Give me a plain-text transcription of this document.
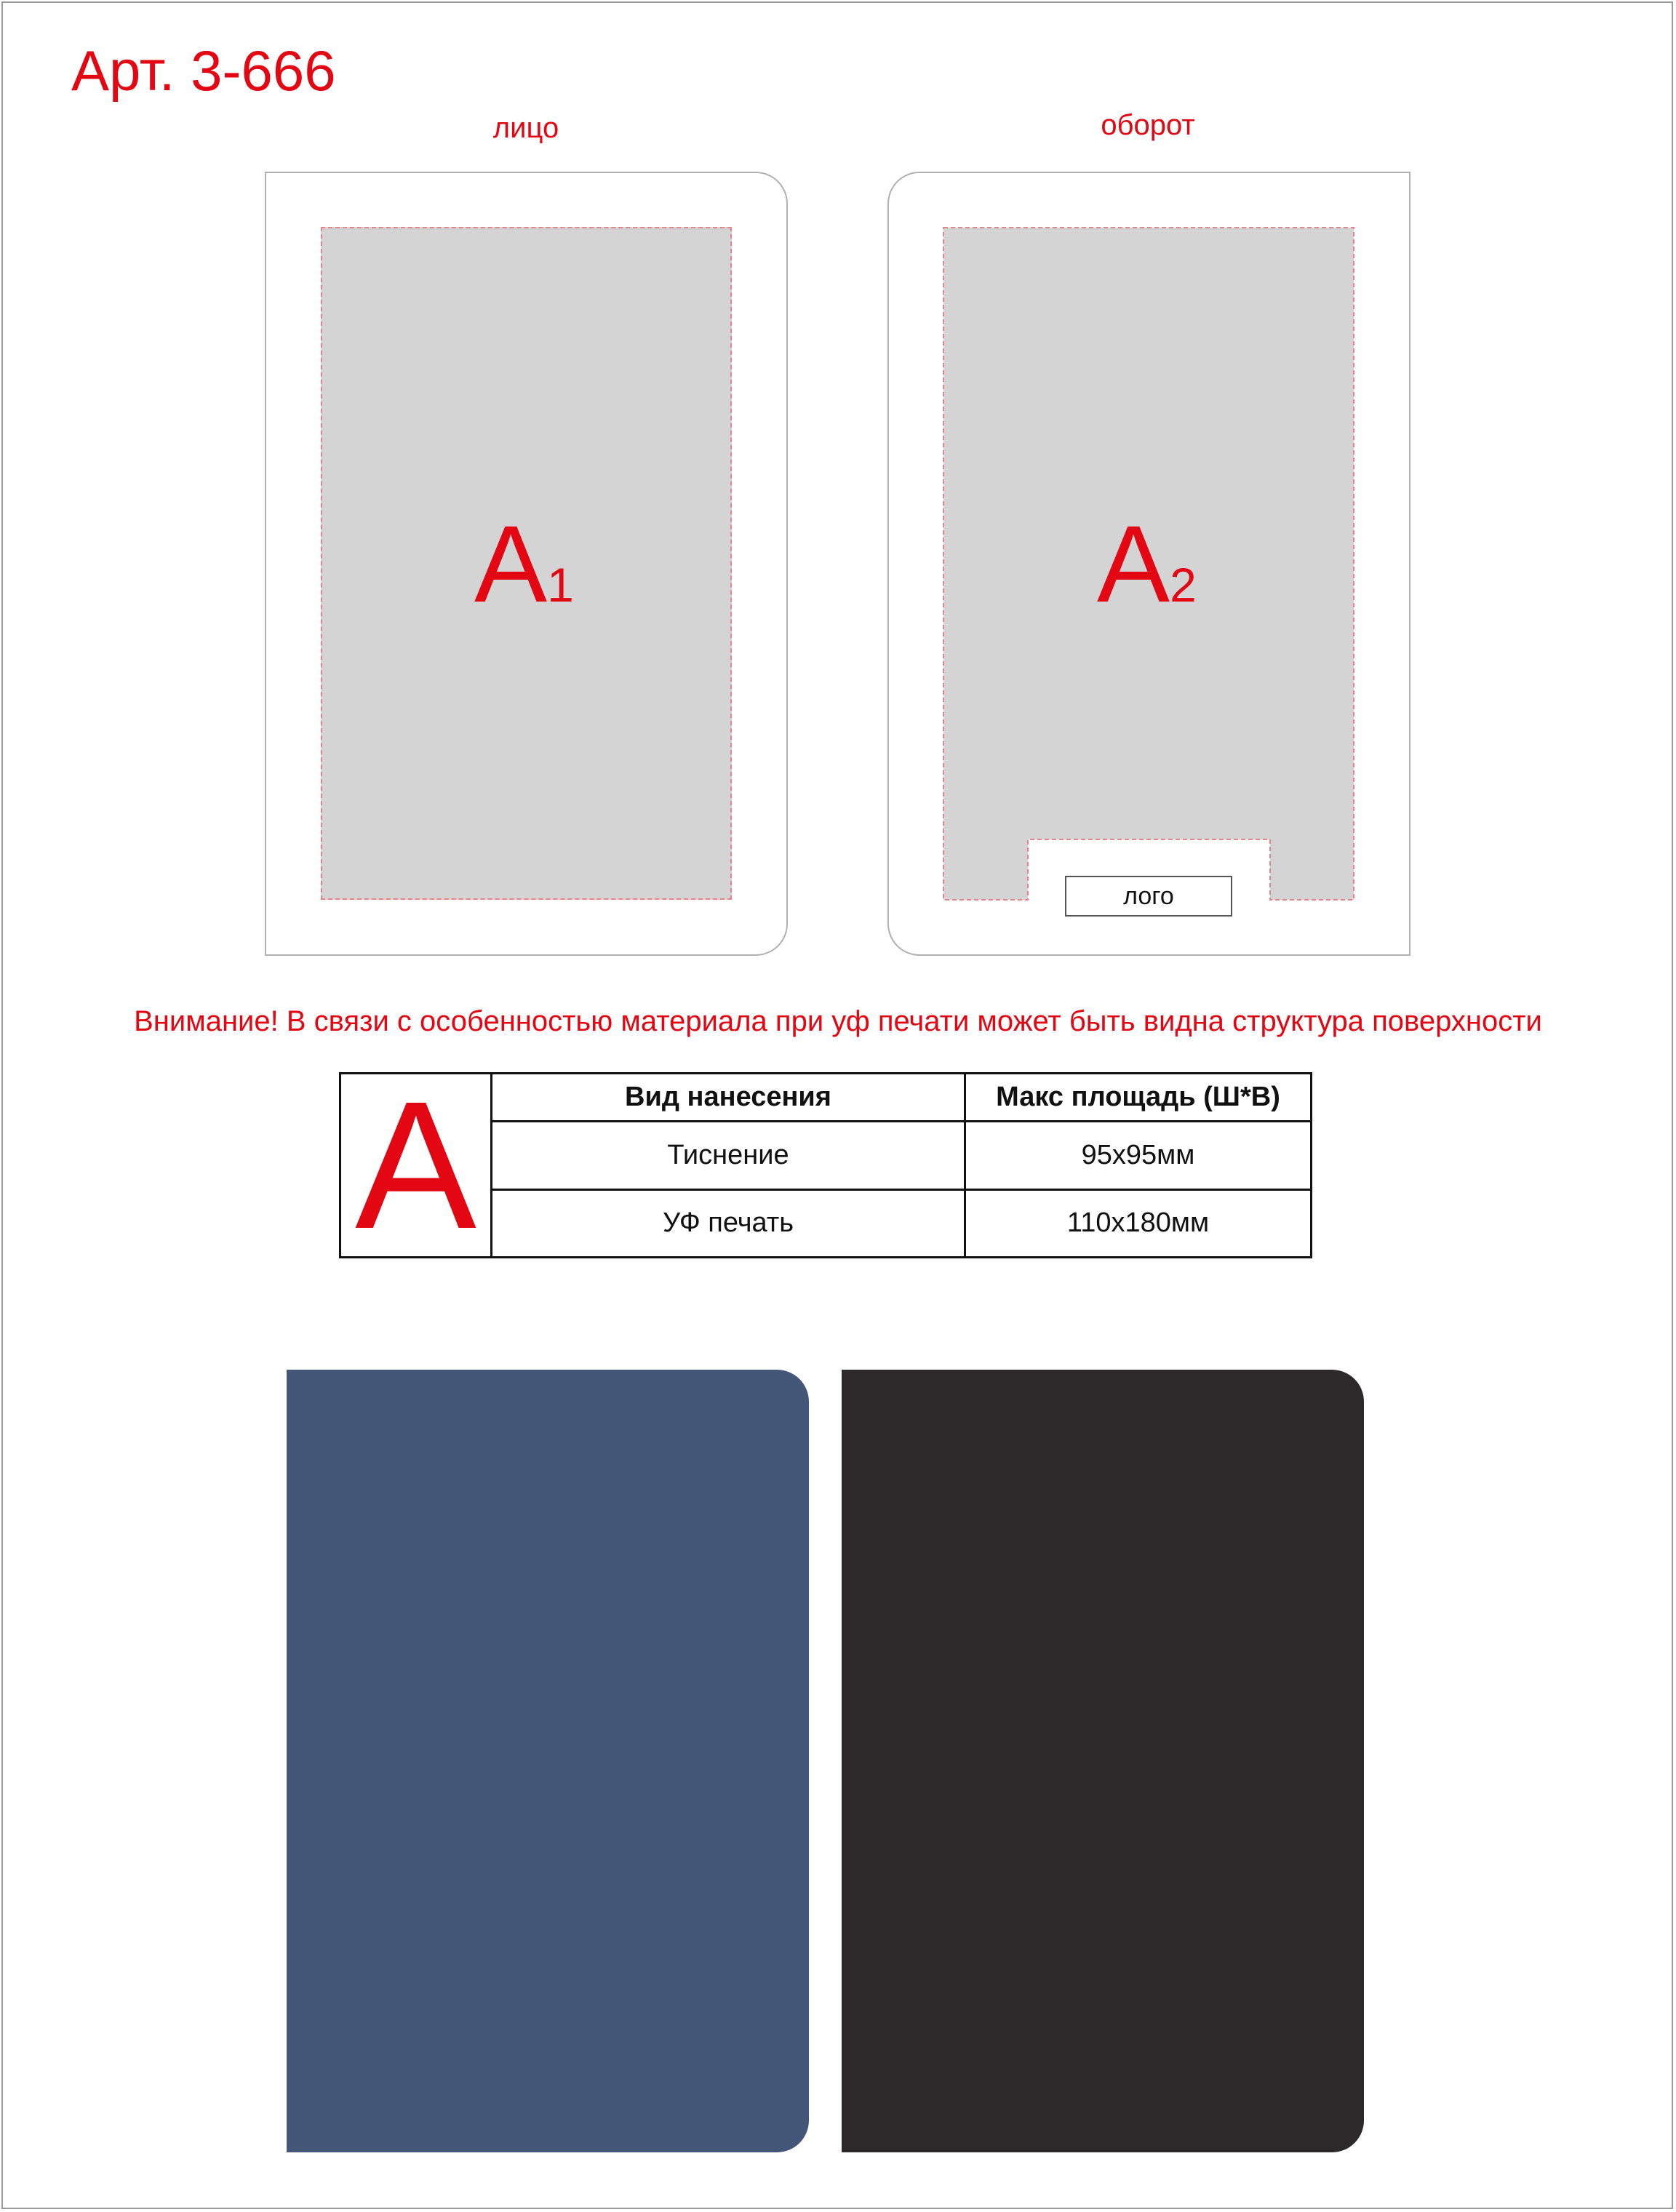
Арт. 3-666
лицо	оборот
А1	А2
лого
Внимание! В связи с особенностью материала при уф печати может быть видна структура поверхности
А	Вид нанесения	Макс площадь (Ш*В)
	Тиснение	95х95мм
	УФ печать	110х180мм
